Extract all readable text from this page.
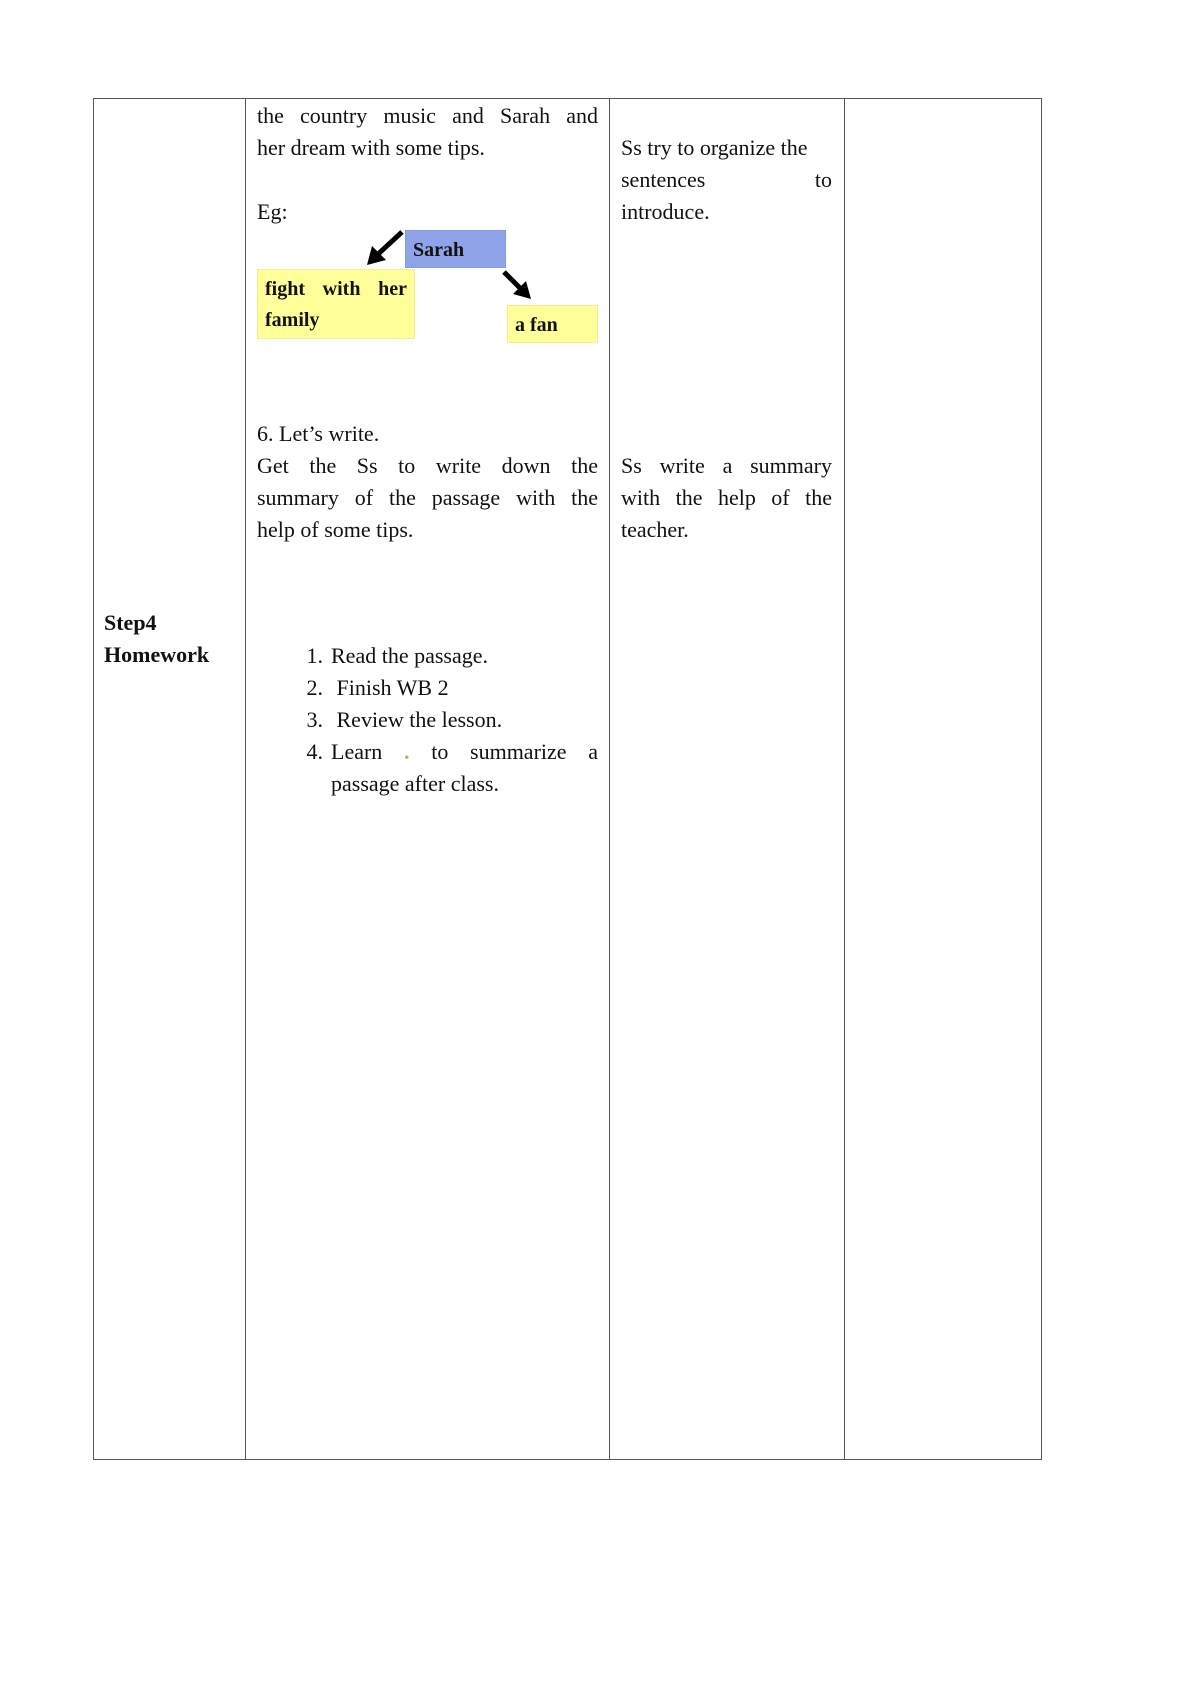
Step4
Homework
the country music and Sarah and
her dream with some tips.
Eg:
Sarah
fight with her
family	a fan
6. Let’s write.
Get the Ss to write down the
summary of the passage with the
help of some tips.
1. Read the passage.
2. Finish WB 2
3. Review the lesson.
4. Learn . to summarize a
passage after class.
Ss try to organize the
sentences to
introduce.
Ss write a summary
with the help of the
teacher.
